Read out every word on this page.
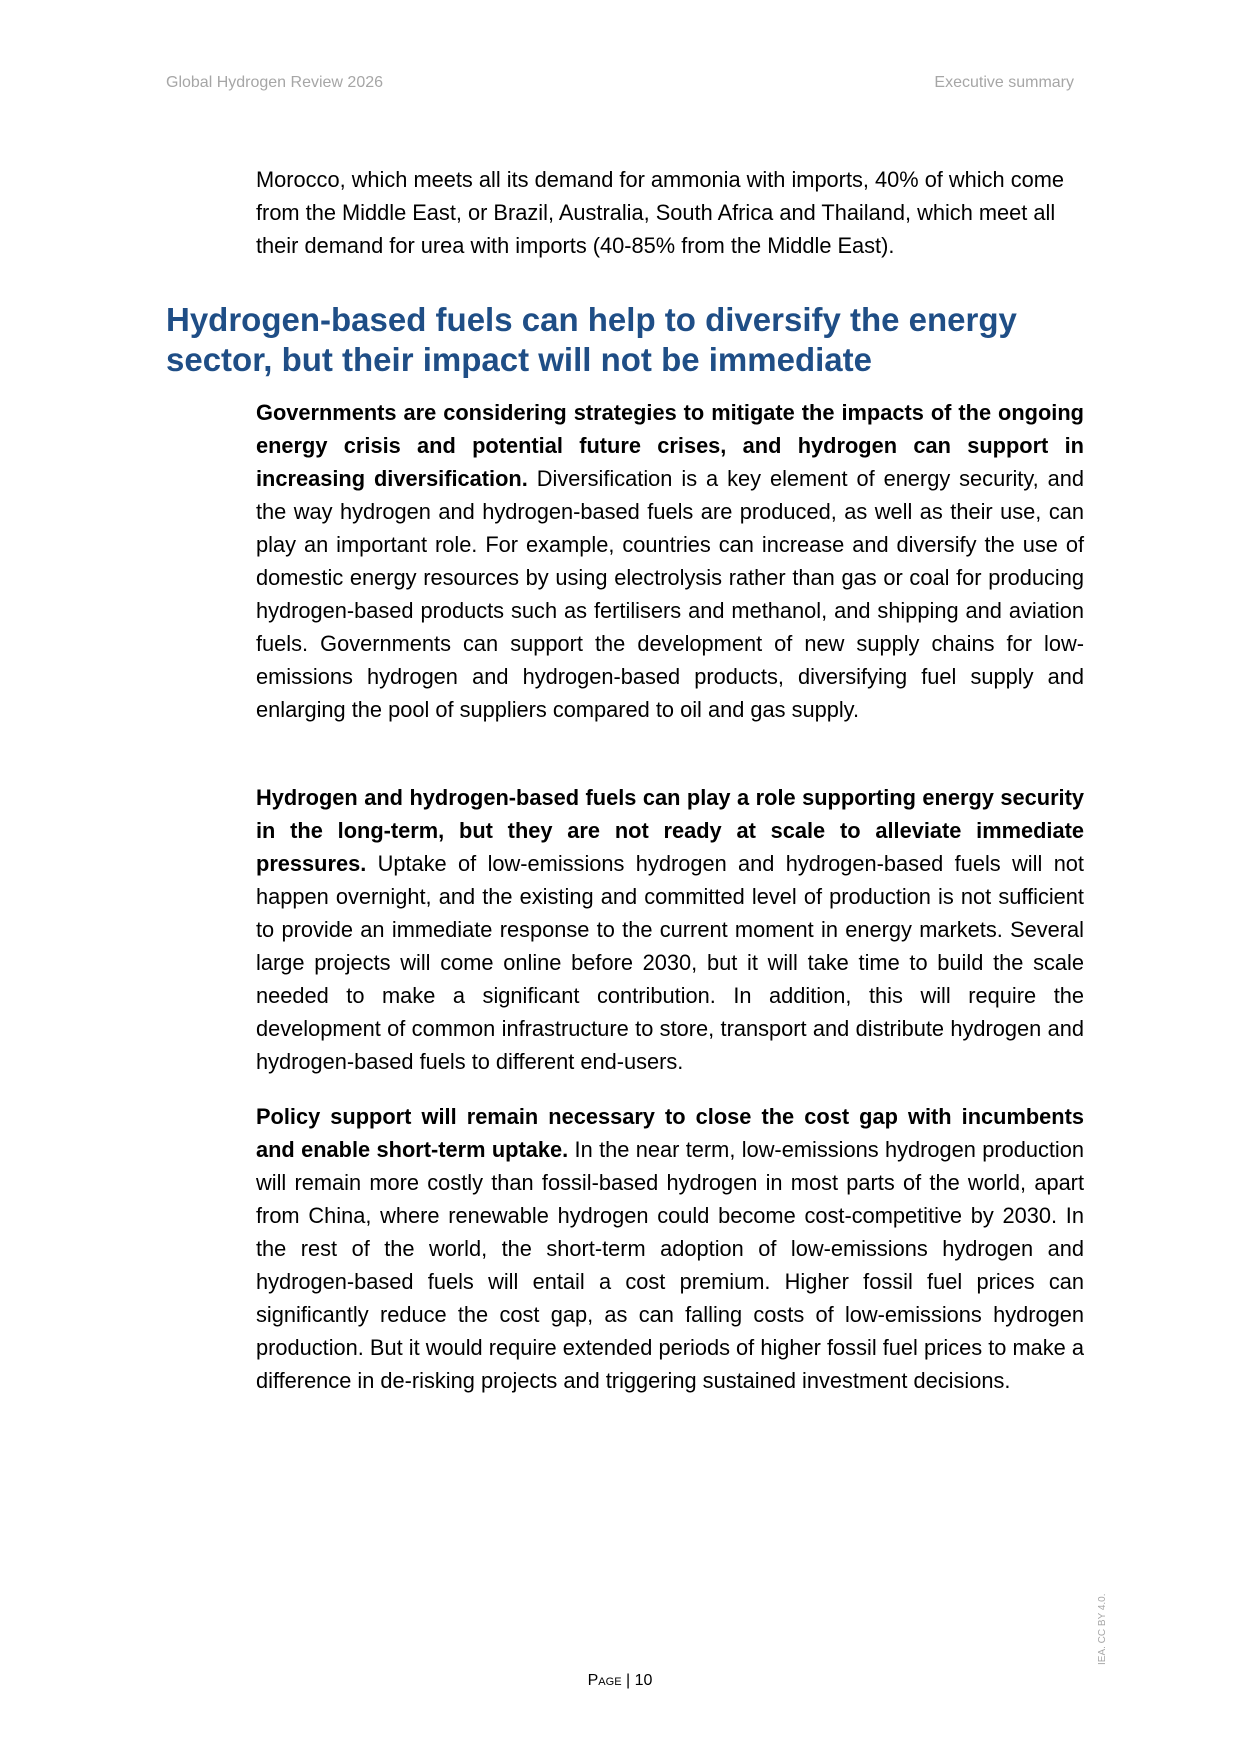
Global Hydrogen Review 2026	Executive summary

Morocco, which meets all its demand for ammonia with imports, 40% of which come from the Middle East, or Brazil, Australia, South Africa and Thailand, which meet all their demand for urea with imports (40-85% from the Middle East).

Hydrogen-based fuels can help to diversify the energy sector, but their impact will not be immediate

Governments are considering strategies to mitigate the impacts of the ongoing energy crisis and potential future crises, and hydrogen can support in increasing diversification. Diversification is a key element of energy security, and the way hydrogen and hydrogen-based fuels are produced, as well as their use, can play an important role. For example, countries can increase and diversify the use of domestic energy resources by using electrolysis rather than gas or coal for producing hydrogen-based products such as fertilisers and methanol, and shipping and aviation fuels. Governments can support the development of new supply chains for low-emissions hydrogen and hydrogen-based products, diversifying fuel supply and enlarging the pool of suppliers compared to oil and gas supply.

Hydrogen and hydrogen-based fuels can play a role supporting energy security in the long-term, but they are not ready at scale to alleviate immediate pressures. Uptake of low-emissions hydrogen and hydrogen-based fuels will not happen overnight, and the existing and committed level of production is not sufficient to provide an immediate response to the current moment in energy markets. Several large projects will come online before 2030, but it will take time to build the scale needed to make a significant contribution. In addition, this will require the development of common infrastructure to store, transport and distribute hydrogen and hydrogen-based fuels to different end-users.

Policy support will remain necessary to close the cost gap with incumbents and enable short-term uptake. In the near term, low-emissions hydrogen production will remain more costly than fossil-based hydrogen in most parts of the world, apart from China, where renewable hydrogen could become cost-competitive by 2030. In the rest of the world, the short-term adoption of low-emissions hydrogen and hydrogen-based fuels will entail a cost premium. Higher fossil fuel prices can significantly reduce the cost gap, as can falling costs of low-emissions hydrogen production. But it would require extended periods of higher fossil fuel prices to make a difference in de-risking projects and triggering sustained investment decisions.

Page | 10
IEA. CC BY 4.0.
